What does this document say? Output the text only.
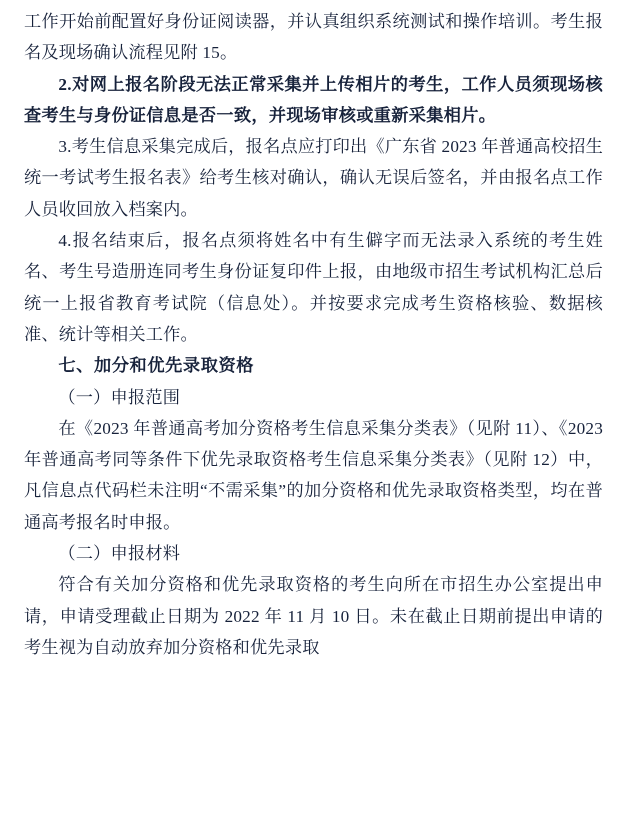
工作开始前配置好身份证阅读器，并认真组织系统测试和操作培训。考生报名及现场确认流程见附 15。

2.对网上报名阶段无法正常采集并上传相片的考生，工作人员须现场核查考生与身份证信息是否一致，并现场审核或重新采集相片。

3.考生信息采集完成后，报名点应打印出《广东省 2023 年普通高校招生统一考试考生报名表》给考生核对确认，确认无误后签名，并由报名点工作人员收回放入档案内。

4.报名结束后，报名点须将姓名中有生僻字而无法录入系统的考生姓名、考生号造册连同考生身份证复印件上报，由地级市招生考试机构汇总后统一上报省教育考试院（信息处）。并按要求完成考生资格核验、数据核准、统计等相关工作。

七、加分和优先录取资格

（一）申报范围

在《2023 年普通高考加分资格考生信息采集分类表》（见附 11）、《2023 年普通高考同等条件下优先录取资格考生信息采集分类表》（见附 12）中，凡信息点代码栏未注明“不需采集”的加分资格和优先录取资格类型，均在普通高考报名时申报。

（二）申报材料

符合有关加分资格和优先录取资格的考生向所在市招生办公室提出申请，申请受理截止日期为 2022 年 11 月 10 日。未在截止日期前提出申请的考生视为自动放弃加分资格和优先录取
